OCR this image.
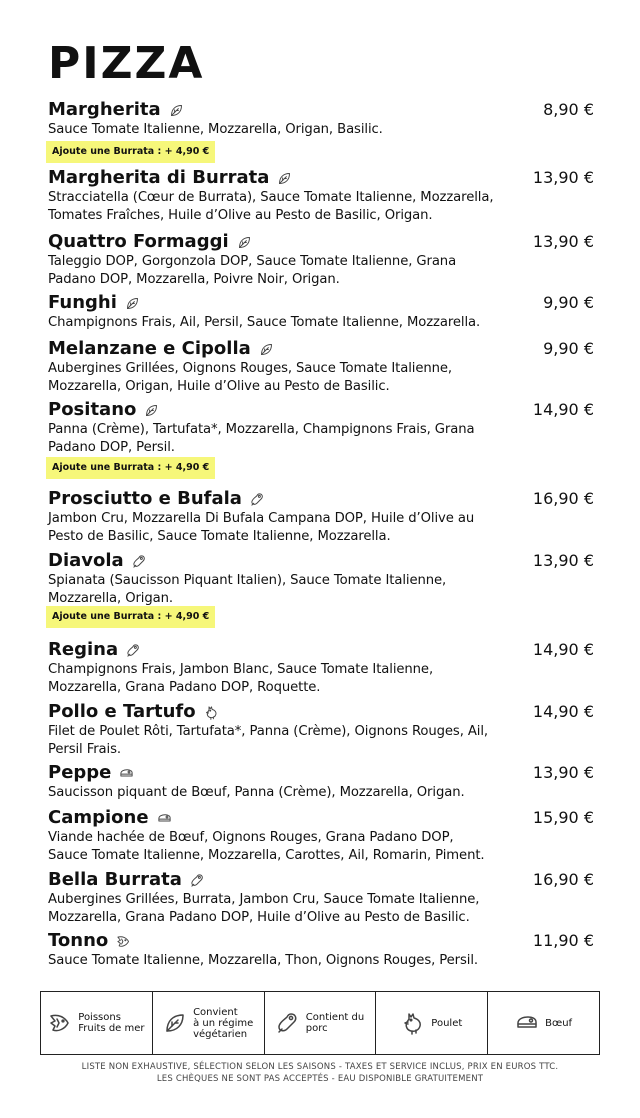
PIZZA
Margherita	8,90 €
Sauce Tomate Italienne, Mozzarella, Origan, Basilic.
Margherita di Burrata	13,90 €
Stracciatella (Cœur de Burrata), Sauce Tomate Italienne, Mozzarella,
Tomates Fraîches, Huile d’Olive au Pesto de Basilic, Origan.
Quattro Formaggi	13,90 €
Taleggio DOP, Gorgonzola DOP, Sauce Tomate Italienne, Grana
Padano DOP, Mozzarella, Poivre Noir, Origan.
Funghi	9,90 €
Champignons Frais, Ail, Persil, Sauce Tomate Italienne, Mozzarella.
Melanzane e Cipolla	9,90 €
Aubergines Grillées, Oignons Rouges, Sauce Tomate Italienne,
Mozzarella, Origan, Huile d’Olive au Pesto de Basilic.
Positano	14,90 €
Panna (Crème), Tartufata*, Mozzarella, Champignons Frais, Grana
Padano DOP, Persil.
Prosciutto e Bufala	16,90 €
Jambon Cru, Mozzarella Di Bufala Campana DOP, Huile d’Olive au
Pesto de Basilic, Sauce Tomate Italienne, Mozzarella.
Diavola	13,90 €
Spianata (Saucisson Piquant Italien), Sauce Tomate Italienne,
Mozzarella, Origan.
Regina	14,90 €
Champignons Frais, Jambon Blanc, Sauce Tomate Italienne,
Mozzarella, Grana Padano DOP, Roquette.
Pollo e Tartufo	14,90 €
Filet de Poulet Rôti, Tartufata*, Panna (Crème), Oignons Rouges, Ail,
Persil Frais.
Peppe	13,90 €
Saucisson piquant de Bœuf, Panna (Crème), Mozzarella, Origan.
Campione	15,90 €
Viande hachée de Bœuf, Oignons Rouges, Grana Padano DOP,
Sauce Tomate Italienne, Mozzarella, Carottes, Ail, Romarin, Piment.
Bella Burrata	16,90 €
Aubergines Grillées, Burrata, Jambon Cru, Sauce Tomate Italienne,
Mozzarella, Grana Padano DOP, Huile d’Olive au Pesto de Basilic.
Tonno	11,90 €
Sauce Tomate Italienne, Mozzarella, Thon, Oignons Rouges, Persil.
Ajoute une Burrata : + 4,90 €
Ajoute une Burrata : + 4,90 €
Ajoute une Burrata : + 4,90 €
Poissons
Fruits de mer
Convient
à un régime
végétarien
Contient du
porc	Poulet	Bœuf
LISTE NON EXHAUSTIVE, SÉLECTION SELON LES SAISONS - TAXES ET SERVICE INCLUS, PRIX EN EUROS TTC.
LES CHÈQUES NE SONT PAS ACCEPTÉS - EAU DISPONIBLE GRATUITEMENT
